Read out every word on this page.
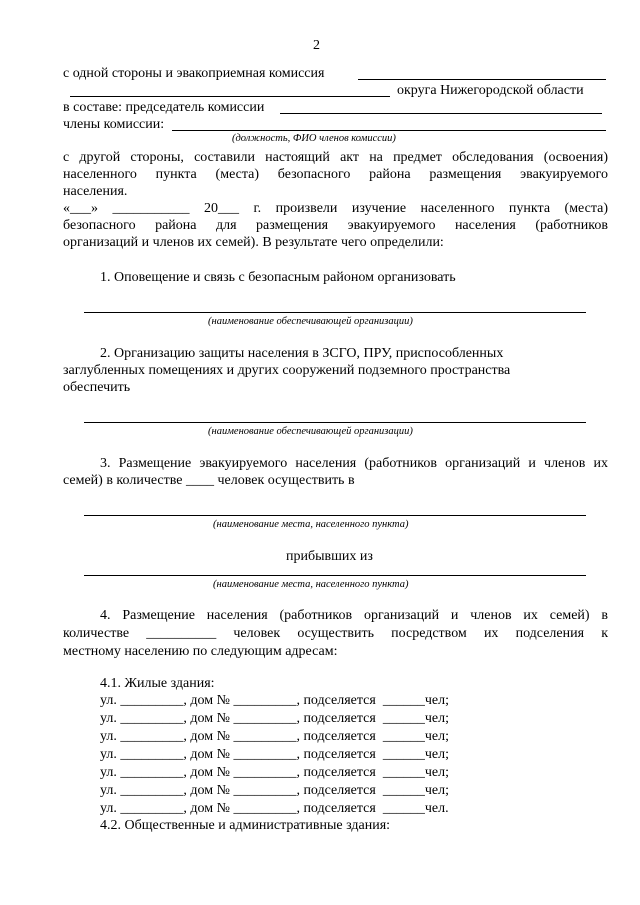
2
с одной стороны и эвакоприемная комиссия
округа Нижегородской области
в составе: председатель комиссии
члены комиссии:
(должность, ФИО членов комиссии)
с другой стороны, составили настоящий акт на предмет обследования (освоения)
населенного пункта (места) безопасного района размещения эвакуируемого
населения.
«___» ___________ 20___ г. произвели изучение населенного пункта (места)
безопасного района для размещения эвакуируемого населения (работников
организаций и членов их семей). В результате чего определили:
1. Оповещение и связь с безопасным районом организовать
(наименование обеспечивающей организации)
2. Организацию защиты населения в ЗСГО, ПРУ, приспособленных
заглубленных помещениях и других сооружений подземного пространства
обеспечить
(наименование обеспечивающей организации)
3. Размещение эвакуируемого населения (работников организаций и членов их
семей) в количестве ____ человек осуществить в
(наименование места, населенного пункта)
прибывших из
(наименование места, населенного пункта)
4. Размещение населения (работников организаций и членов их семей) в
количестве __________ человек осуществить посредством их подселения к
местному населению по следующим адресам:
4.1. Жилые здания:
ул. _________, дом № _________, подселяется  ______чел;
ул. _________, дом № _________, подселяется  ______чел;
ул. _________, дом № _________, подселяется  ______чел;
ул. _________, дом № _________, подселяется  ______чел;
ул. _________, дом № _________, подселяется  ______чел;
ул. _________, дом № _________, подселяется  ______чел;
ул. _________, дом № _________, подселяется  ______чел.
4.2. Общественные и административные здания:
